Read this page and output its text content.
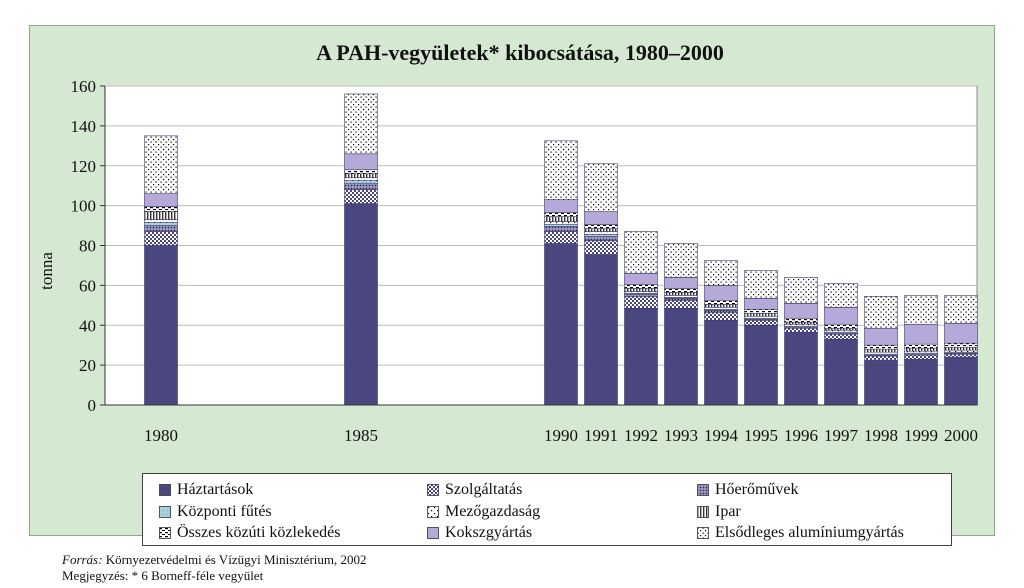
A PAH-vegyületek* kibocsátása, 1980–2000
tonna
0
20
40
60
80
100
120
140
160
1980	1985	1990 1991 1992 1993 1994 1995 1996 1997 1998 1999 2000
Háztartások	Szolgáltatás	Hőerőművek
Központi fűtés	Mezőgazdaság	Ipar
Összes közúti közlekedés	Kokszgyártás	Elsődleges alumíniumgyártás
Forrás: Környezetvédelmi és Vízügyi Minisztérium, 2002
Megjegyzés: * 6 Borneff-féle vegyület
